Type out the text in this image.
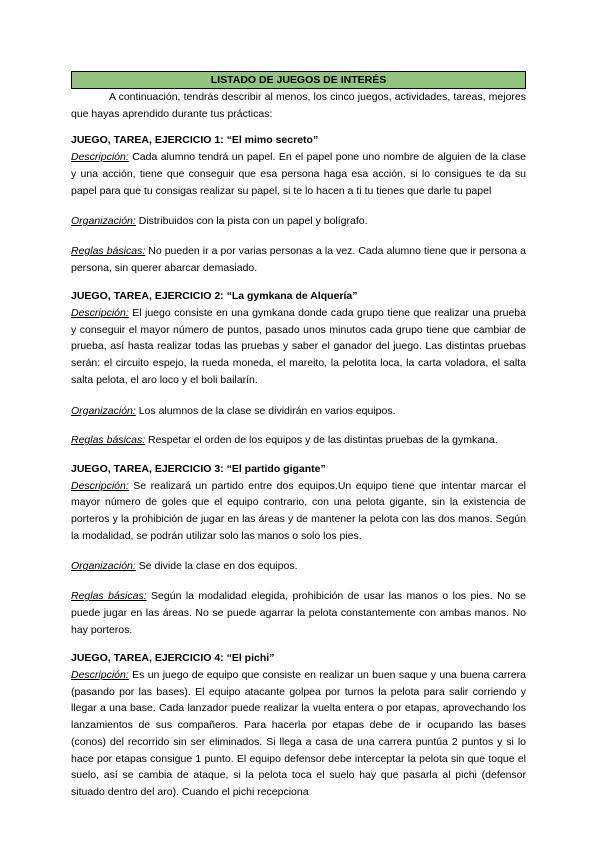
LISTADO DE JUEGOS DE INTERÉS

A continuación, tendrás describir al menos, los cinco juegos, actividades, tareas, mejores que hayas aprendido durante tus prácticas:

JUEGO, TAREA, EJERCICIO 1: “El mimo secreto”

Descripción: Cada alumno tendrá un papel. En el papel pone uno nombre de alguien de la clase y una acción, tiene que conseguir que esa persona haga esa acción, si lo consigues te da su papel para que tu consigas realizar su papel, si te lo hacen a ti tu tienes que darle tu papel

Organización: Distribuidos con la pista con un papel y bolígrafo.

Reglas básicas: No pueden ir a por varias personas a la vez. Cada alumno tiene que ir persona a persona, sin querer abarcar demasiado.

JUEGO, TAREA, EJERCICIO 2: “La gymkana de Alquería”

Descripción: El juego consiste en una gymkana donde cada grupo tiene que realizar una prueba y conseguir el mayor número de puntos, pasado unos minutos cada grupo tiene que cambiar de prueba, así hasta realizar todas las pruebas y saber el ganador del juego. Las distintas pruebas serán: el circuito espejo, la rueda moneda, el mareito, la pelotita loca, la carta voladora, el salta salta pelota, el aro loco y el boli bailarín.

Organización: Los alumnos de la clase se dividirán en varios equipos.

Reglas básicas: Respetar el orden de los equipos y de las distintas pruebas de la gymkana.

JUEGO, TAREA, EJERCICIO 3: “El partido gigante”

Descripción: Se realizará un partido entre dos equipos.Un equipo tiene que intentar marcar el mayor número de goles que el equipo contrario, con una pelota gigante, sin la existencia de porteros y la prohibición de jugar en las áreas y de mantener la pelota con las dos manos. Según la modalidad, se podrán utilizar solo las manos o solo los pies.

Organización: Se divide la clase en dos equipos.

Reglas básicas: Según la modalidad elegida, prohibición de usar las manos o los pies. No se puede jugar en las áreas. No se puede agarrar la pelota constantemente con ambas manos. No hay porteros.

JUEGO, TAREA, EJERCICIO 4: “El pichi”

Descripción: Es un juego de equipo que consiste en realizar un buen saque y una buena carrera (pasando por las bases). El equipo atacante golpea por turnos la pelota para salir corriendo y llegar a una base. Cada lanzador puede realizar la vuelta entera o por etapas, aprovechando los lanzamientos de sus compañeros. Para hacerla por etapas debe de ir ocupando las bases (conos) del recorrido sin ser eliminados. Si llega a casa de una carrera puntúa 2 puntos y si lo hace por etapas consigue 1 punto. El equipo defensor debe interceptar la pelota sin que toque el suelo, así se cambia de ataque, si la pelota toca el suelo hay que pasarla al pichi (defensor situado dentro del aro). Cuando el pichi recepciona
